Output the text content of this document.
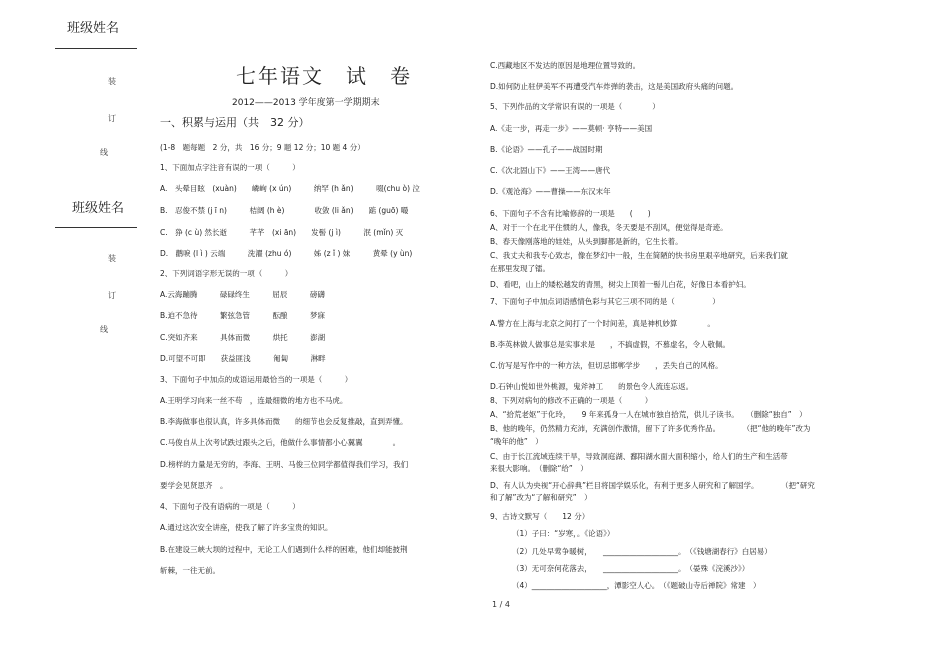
班级姓名
装
订
线
班级姓名
装
订
线
七年语文　试　卷
2012——2013 学年度第一学期期末
一、积累与运用（共　32 分）
(1-8　题每题　2 分，共　16 分；9 题 12 分；10 题 4 分）
1、下面加点字注音有误的一项（　　　）
A.　头晕目眩　(xuàn)　　嶙峋 (x ún)　　　纳罕 (h ǎn)　　　啜(chu ò) 泣
B.　忍俊不禁 (j ī n)　　　桔阔 (h è)　　　　收敛 (li ǎn)　　踮 (guō) 嘬
C.　狰 (c ù) 然长逝　　　芊芊　(xi ān)　　发髻 (j ì)　　　泯 (mǐn) 灭
D.　鹳唳 (l ì ) 云端　　　洗濯 (zhu ó)　　　姊 (z ǐ ) 妹　　　黄晕 (y ùn)
2、下列词语字形无误的一项（　　　）
A.云海蹦腾　　　碌碌终生　　　屈辰　　　磅礴
B.迫不急待　　　繁弦急管　　　酝酿　　　梦寐
C.突如齐来　　　具体而微　　　烘托　　　澎湖
D.可望不可即　　获益匪浅　　　匍匐　　　淋畔
3、下面句子中加点的成语运用最恰当的一项是（　　　）
A.王明学习向来一丝不苟　，连最细微的地方也不马虎。
B.李海做事也很认真，许多具体而微　　的细节也会反复推敲，直到弄懂。
C.马俊自从上次考试跌过跟头之后，他做什么事情都小心翼翼　　　　。
D.榜样的力量是无穷的，李海、王明、马俊三位同学都值得我们学习，我们
要学会见贤思齐　。
4、下面句子没有语病的一项是（　　　）
A.通过这次安全讲座，使我了解了许多宝贵的知识。
B.在建设三峡大坝的过程中，无论工人们遇到什么样的困难，他们却能披荆
斩棘，一往无前。
C.西藏地区不发达的原因是地理位置导致的。
D.如何防止驻伊美军不再遭受汽车炸弹的袭击，这是美国政府头痛的问题。
5、下列作品的文学常识有误的一项是（　　　　）
A.《走一步，再走一步》——莫顿· 亨特——美国
B.《论语》——孔子——战国时期
C.《次北固山下》——王湾——唐代
D.《观沧海》——曹操——东汉末年
6、下面句子不含有比喻修辞的一项是　　(　　)
A、对于一个在北平住惯的人，像我，冬天要是不刮风，便觉得是奇迹。
B、春天像刚落地的娃娃，从头到脚都是新的，它生长着。
C、我丈夫和我专心致志，像在梦幻中一般，生在简陋的快书房里艰辛地研究，后来我们就
在那里发现了镭。
D、看吧，山上的矮松越发的青黑，树尖上顶着一髻儿白花，好像日本看护妇。
7、下面句子中加点词语感情色彩与其它三项不同的是（　　　　　）
A.警方在上海与北京之间打了一个时间差，真是神机妙算　　　　。
B.李英林做人做事总是实事求是　　，不搞虚假，不慕虚名，令人敬佩。
C.仿写是写作中的一种方法，但切忌邯郸学步　　，丢失自己的风格。
D.石钟山悦如世外桃源，鬼斧神工　　的景色令人流连忘返。
8、下列对病句的修改不正确的一项是（　　　）
A、“拾荒老妪”于化玲，　　9 年来孤身一人在城市独自拾荒，供儿子读书。　　（删除“独自”　）
B、他的晚年，仍然精力充沛，充满创作激情，留下了许多优秀作品。　　　　（把“他的晚年”改为
“晚年的他”　）
C、由于长江流域连续干旱，导致洞庭湖、鄱阳湖水面大面积缩小，给人们的生产和生活带
来很大影响。　（删除“给”　）
D、有人认为央视“开心辞典”栏目将国学娱乐化，有利于更多人研究和了解国学。　　　　（把“研究
和了解”改为“了解和研究”　）
9、古诗文默写（　　12 分）
（1）子曰：“岁寒，。《论语》）
（2）几处早莺争暖树，　　____________________。　（《钱塘湖春行》白居易）
（3）无可奈何花落去，　　____________________。　（晏殊《浣溪沙》）
（4）____________________，潭影空人心。　（《题破山寺后禅院》常建　）
1 / 4
